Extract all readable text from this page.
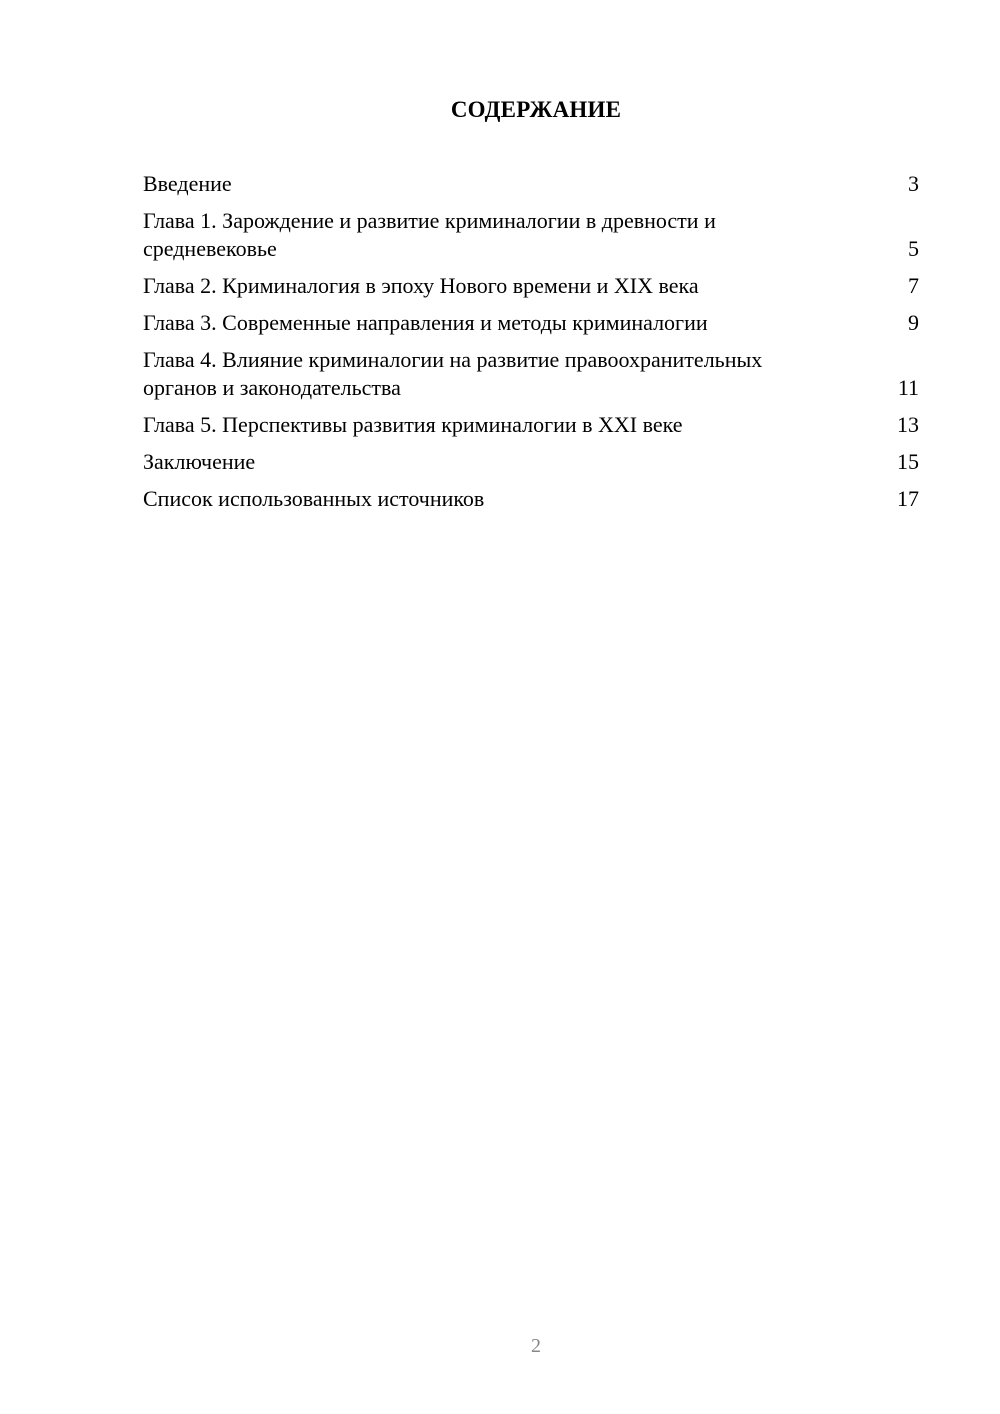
СОДЕРЖАНИЕ
Введение	3
Глава 1. Зарождение и развитие криминалогии в древности и средневековье	5
Глава 2. Криминалогия в эпоху Нового времени и XIX века	7
Глава 3. Современные направления и методы криминалогии	9
Глава 4. Влияние криминалогии на развитие правоохранительных органов и законодательства	11
Глава 5. Перспективы развития криминалогии в XXI веке	13
Заключение	15
Список использованных источников	17
2
